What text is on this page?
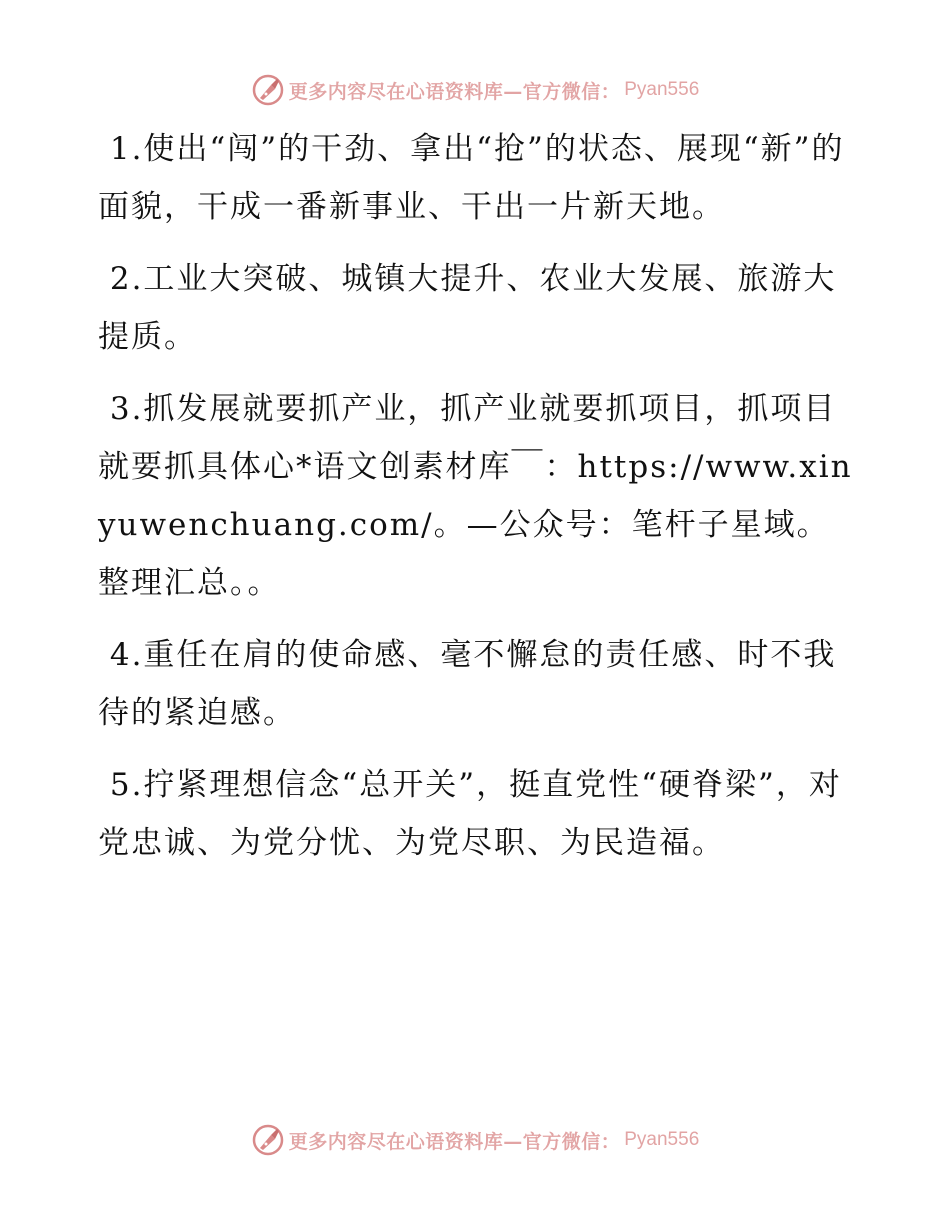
更多内容尽在心语资料库—官方微信： Pyan556

1.使出“闯”的干劲、拿出“抢”的状态、展现“新”的面貌，干成一番新事业、干出一片新天地。

2.工业大突破、城镇大提升、农业大发展、旅游大提质。

3.抓发展就要抓产业，抓产业就要抓项目，抓项目就要抓具体心*语文创素材库￣：https://www.xinyuwenchuang.com/。—公众号：笔杆子星域。整理汇总。。

4.重任在肩的使命感、毫不懈怠的责任感、时不我待的紧迫感。

5.拧紧理想信念“总开关”，挺直党性“硬脊梁”，对党忠诚、为党分忧、为党尽职、为民造福。

更多内容尽在心语资料库—官方微信： Pyan556
